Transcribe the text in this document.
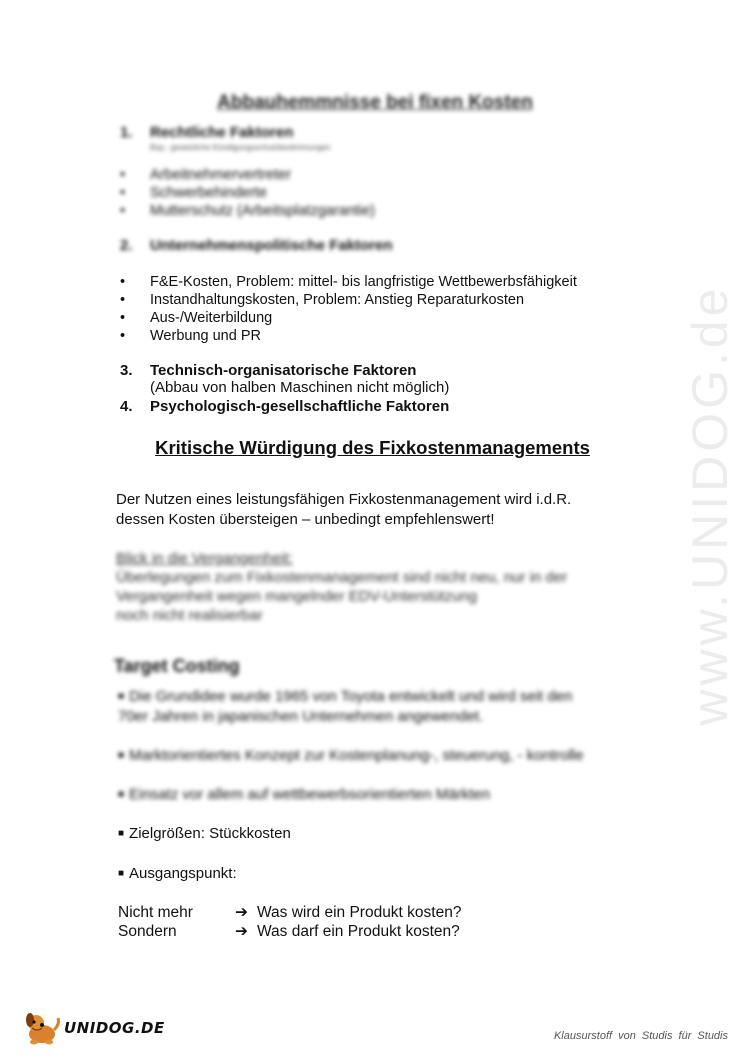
www.UNIDOG.de
Abbauhemmnisse bei fixen Kosten
1. Rechtliche Faktoren
Bsp.: gesetzliche Kündigungsschutzbestimmungen
• Arbeitnehmervertreter
• Schwerbehinderte
• Mutterschutz (Arbeitsplatzgarantie)
2. Unternehmenspolitische Faktoren
• F&E-Kosten, Problem: mittel- bis langfristige Wettbewerbsfähigkeit
• Instandhaltungskosten, Problem: Anstieg Reparaturkosten
• Aus-/Weiterbildung
• Werbung und PR
3. Technisch-organisatorische Faktoren
(Abbau von halben Maschinen nicht möglich)
4. Psychologisch-gesellschaftliche Faktoren
Kritische Würdigung des Fixkostenmanagements
Der Nutzen eines leistungsfähigen Fixkostenmanagement wird i.d.R.
dessen Kosten übersteigen – unbedingt empfehlenswert!
Blick in die Vergangenheit:
Überlegungen zum Fixkostenmanagement sind nicht neu, nur in der
Vergangenheit wegen mangelnder EDV-Unterstützung
noch nicht realisierbar
Target Costing
■ Die Grundidee wurde 1965 von Toyota entwickelt und wird seit den
70er Jahren in japanischen Unternehmen angewendet.
■ Marktorientiertes Konzept zur Kostenplanung-, steuerung, - kontrolle
■ Einsatz vor allem auf wettbewerbsorientierten Märkten
■ Zielgrößen: Stückkosten
■ Ausgangspunkt:
Nicht mehr	➔ Was wird ein Produkt kosten?
Sondern	➔ Was darf ein Produkt kosten?
UNIDOG.DE	Klausurstoff von Studis für Studis
